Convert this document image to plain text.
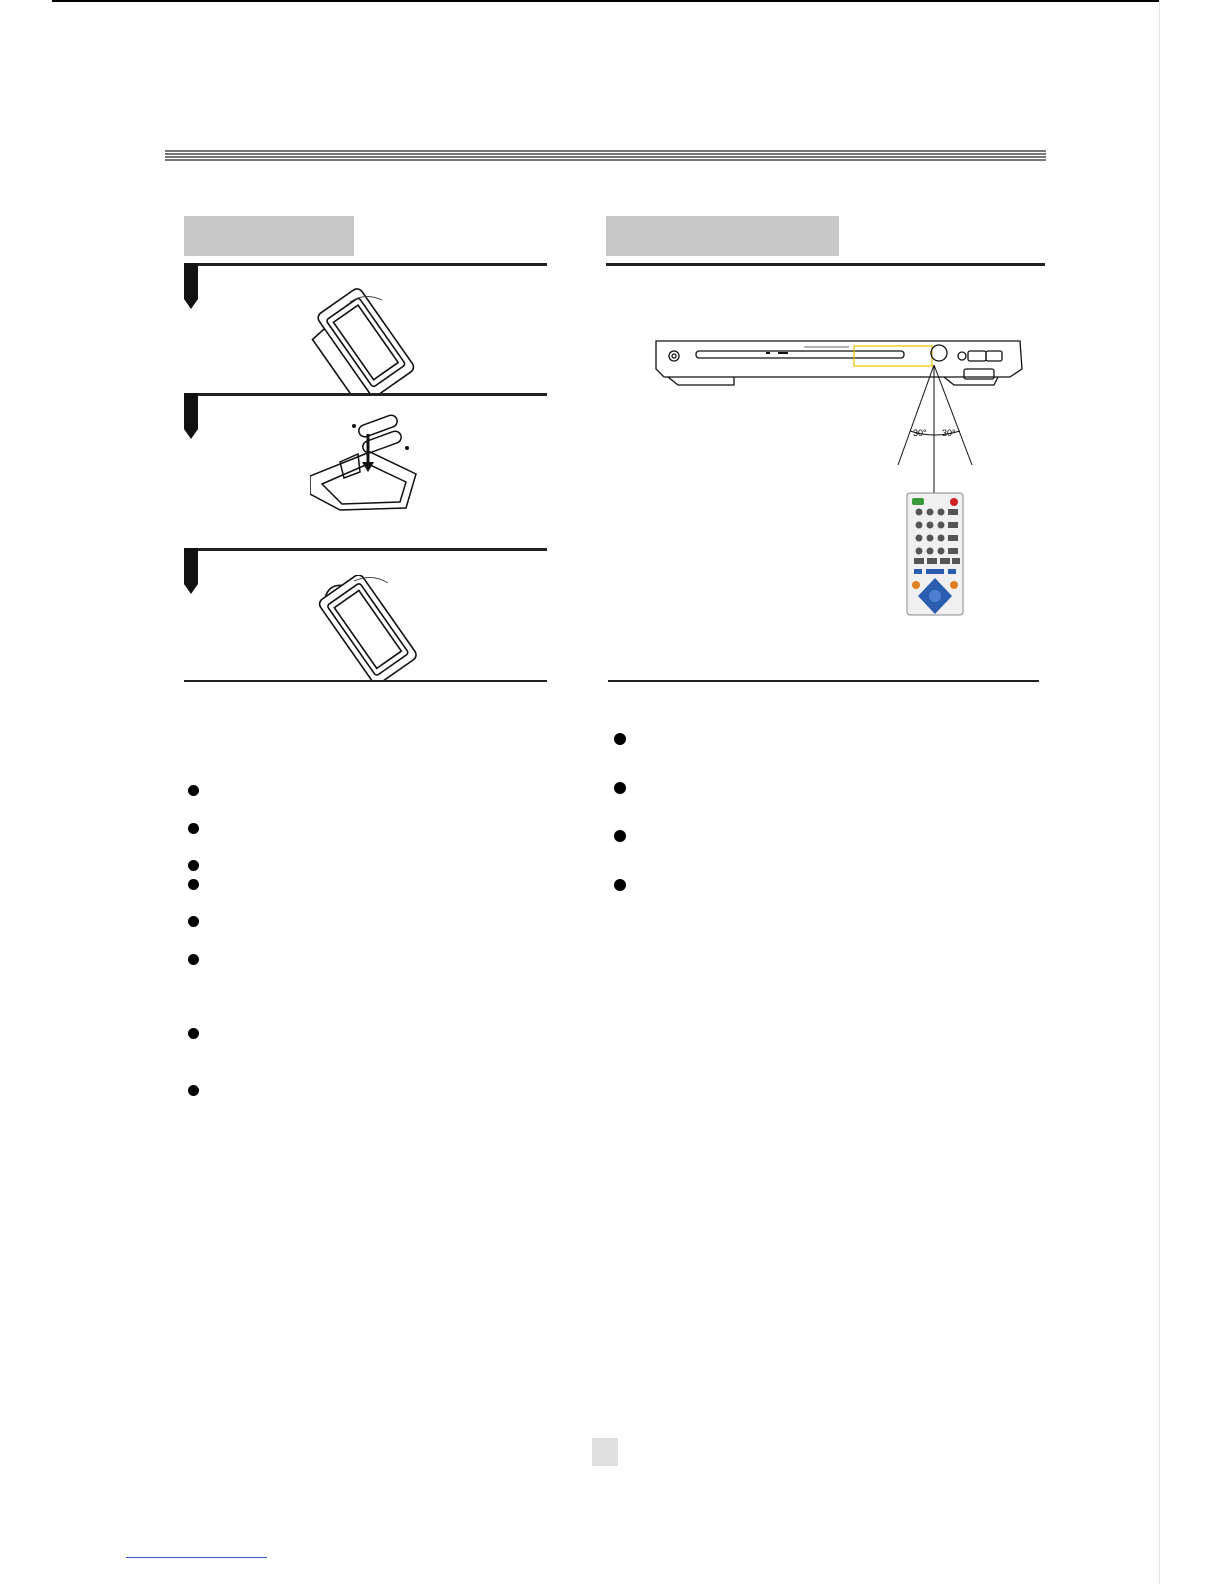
30° 30°
